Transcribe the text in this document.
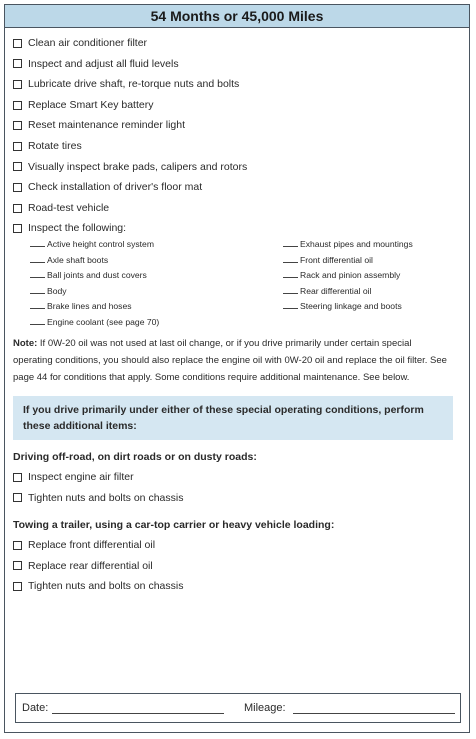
54 Months or 45,000 Miles
Clean air conditioner filter
Inspect and adjust all fluid levels
Lubricate drive shaft, re-torque nuts and bolts
Replace Smart Key battery
Reset maintenance reminder light
Rotate tires
Visually inspect brake pads, calipers and rotors
Check installation of driver's floor mat
Road-test vehicle
Inspect the following:
Active height control system
Axle shaft boots
Ball joints and dust covers
Body
Brake lines and hoses
Engine coolant (see page 70)
Exhaust pipes and mountings
Front differential oil
Rack and pinion assembly
Rear differential oil
Steering linkage and boots
Note: If 0W-20 oil was not used at last oil change, or if you drive primarily under certain special operating conditions, you should also replace the engine oil with 0W-20 oil and replace the oil filter. See page 44 for conditions that apply. Some conditions require additional maintenance. See below.
If you drive primarily under either of these special operating conditions, perform these additional items:
Driving off-road, on dirt roads or on dusty roads:
Inspect engine air filter
Tighten nuts and bolts on chassis
Towing a trailer, using a car-top carrier or heavy vehicle loading:
Replace front differential oil
Replace rear differential oil
Tighten nuts and bolts on chassis
Date:	Mileage:
